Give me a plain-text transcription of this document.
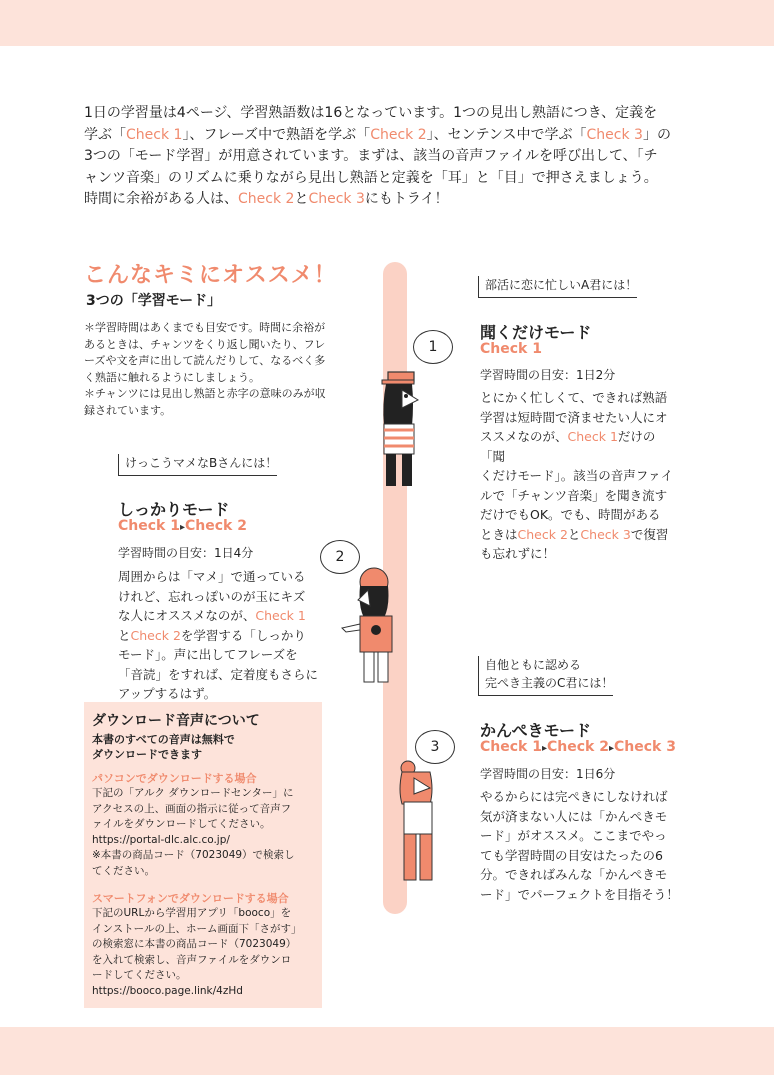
1日の学習量は4ページ、学習熟語数は16となっています。1つの見出し熟語につき、定義を
学ぶ「Check 1」、フレーズ中で熟語を学ぶ「Check 2」、センテンス中で学ぶ「Check 3」の
3つの「モード学習」が用意されています。まずは、該当の音声ファイルを呼び出して、「チ
ャンツ音楽」のリズムに乗りながら見出し熟語と定義を「耳」と「目」で押さえましょう。
時間に余裕がある人は、Check 2とCheck 3にもトライ！
こんなキミにオススメ！
3つの「学習モード」
＊学習時間はあくまでも目安です。時間に余裕が
あるときは、チャンツをくり返し聞いたり、フレ
ーズや文を声に出して読んだりして、なるべく多
く熟語に触れるようにしましょう。
＊チャンツには見出し熟語と赤字の意味のみが収
録されています。
部活に恋に忙しいA君には！
1
聞くだけモード
Check 1
学習時間の目安：1日2分
とにかく忙しくて、できれば熟語
学習は短時間で済ませたい人にオ
ススメなのが、Check 1だけの「聞
くだけモード」。該当の音声ファイ
ルで「チャンツ音楽」を聞き流す
だけでもOK。でも、時間がある
ときはCheck 2とCheck 3で復習
も忘れずに！
けっこうマメなBさんには！
2
しっかりモード
Check 1▸Check 2
学習時間の目安：1日4分
周囲からは「マメ」で通っている
けれど、忘れっぽいのが玉にキズ
な人にオススメなのが、Check 1
とCheck 2を学習する「しっかり
モード」。声に出してフレーズを
「音読」をすれば、定着度もさらに
アップするはず。
自他ともに認める
完ぺき主義のC君には！
3
かんぺきモード
Check 1▸Check 2▸Check 3
学習時間の目安：1日6分
やるからには完ぺきにしなければ
気が済まない人には「かんぺきモ
ード」がオススメ。ここまでやっ
ても学習時間の目安はたったの6
分。できればみんな「かんぺきモ
ード」でパーフェクトを目指そう！
ダウンロード音声について
本書のすべての音声は無料で
ダウンロードできます
パソコンでダウンロードする場合
下記の「アルク ダウンロードセンター」に
アクセスの上、画面の指示に従って音声フ
ァイルをダウンロードしてください。
https://portal-dlc.alc.co.jp/
※本書の商品コード（7023049）で検索し
てください。
スマートフォンでダウンロードする場合
下記のURLから学習用アプリ「booco」を
インストールの上、ホーム画面下「さがす」
の検索窓に本書の商品コード（7023049）
を入れて検索し、音声ファイルをダウンロ
ードしてください。
https://booco.page.link/4zHd
